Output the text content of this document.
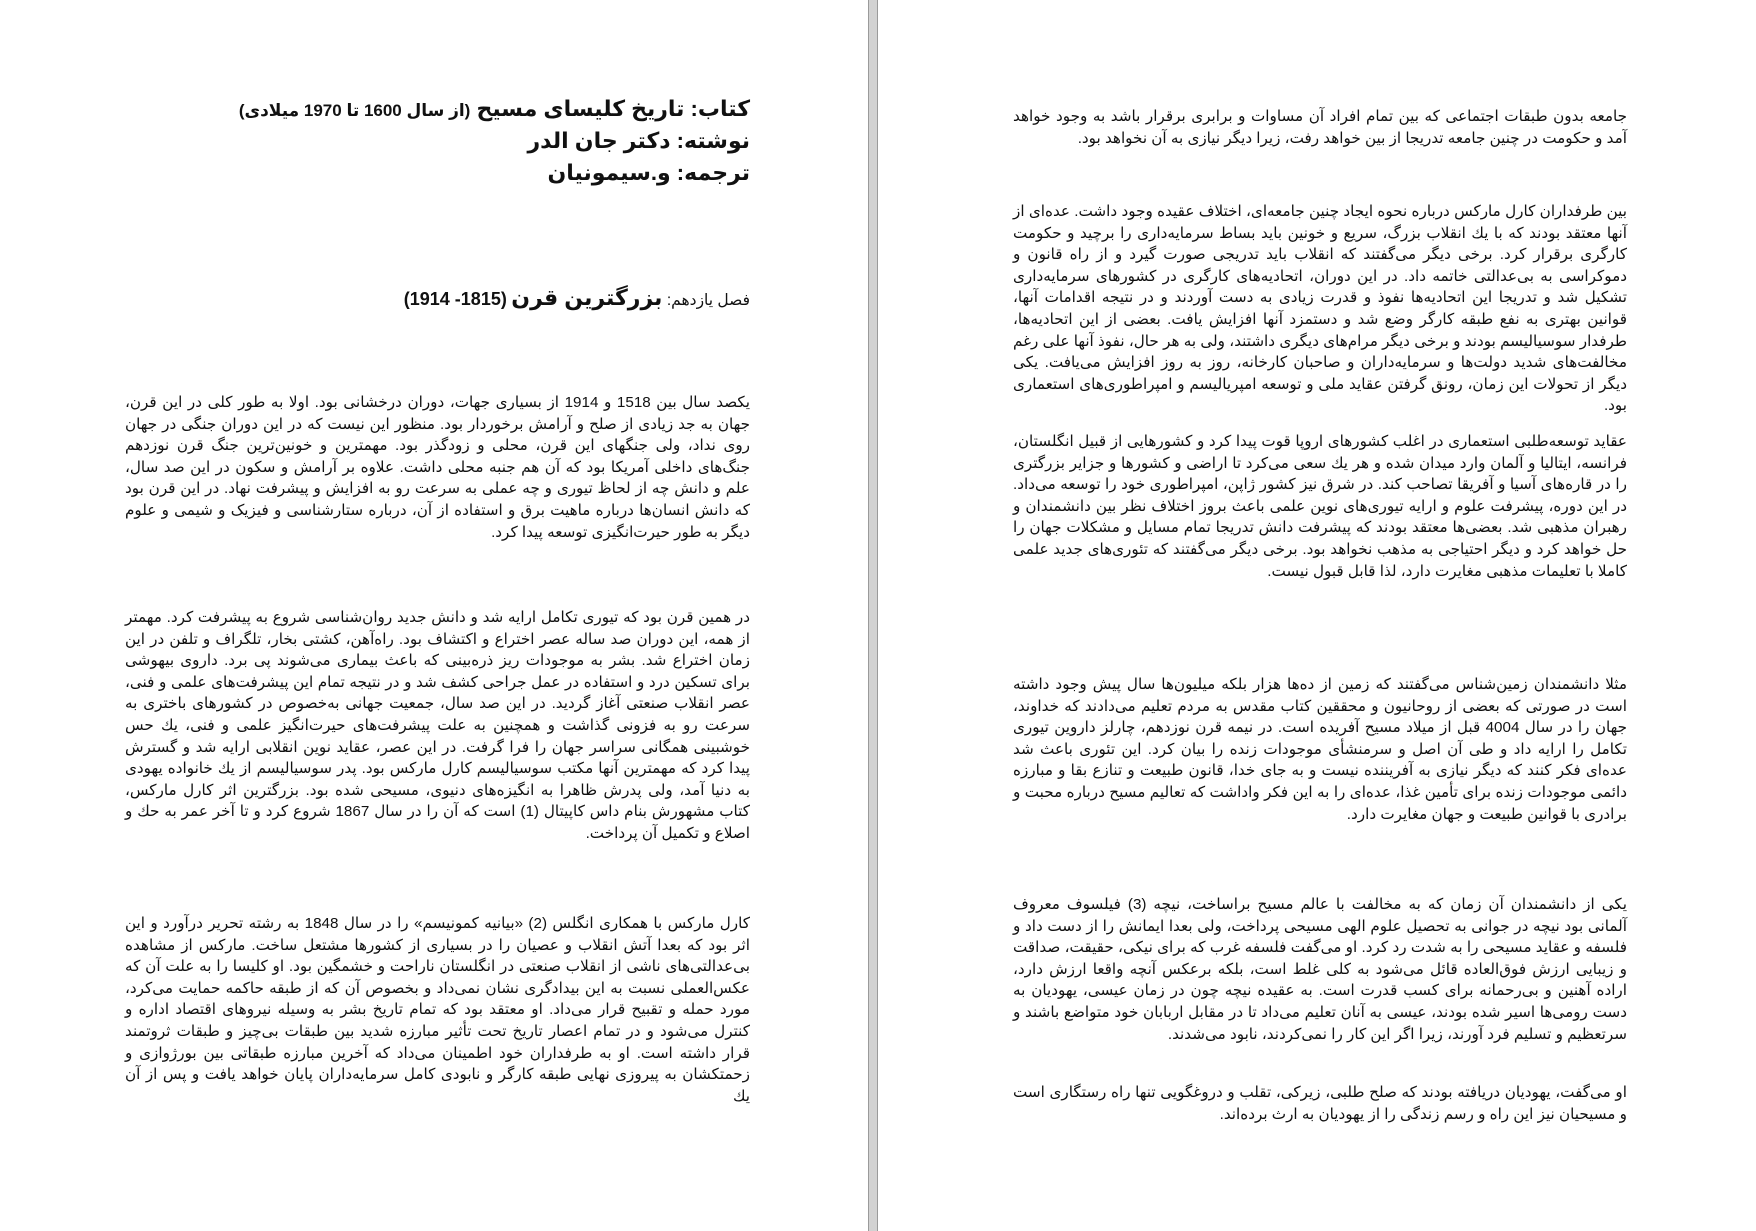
کتاب: تاریخ کلیسای مسیح (از سال 1600 تا 1970 میلادی)

نوشته: دکتر جان الدر

ترجمه: و.سیمونیان

فصل یازدهم: بزرگترین قرن (1815- 1914)

یکصد سال بین 1518 و 1914 از بسیاری جهات، دوران درخشانی بود. اولا به طور کلی در این قرن، جهان به جد زیادی از صلح و آرامش برخوردار بود. منظور این نیست که در این دوران جنگی در جهان روی نداد، ولی جنگهای این قرن، محلی و زودگذر بود. مهمترین و خونین‌ترین جنگ قرن نوزدهم جنگ‌های داخلی آمریکا بود که آن هم جنبه محلی داشت. علاوه بر آرامش و سکون در این صد سال، علم و دانش چه از لحاظ تیوری و چه عملی به سرعت رو به افزایش و پیشرفت نهاد. در این قرن بود که دانش انسان‌ها درباره ماهیت برق و استفاده از آن، درباره ستارشناسی و فیزیک و شیمی و علوم دیگر به طور حیرت‌انگیزی توسعه پیدا کرد.

در همین قرن بود که تیوری تکامل ارایه شد و دانش جدید روان‌شناسی شروع به پیشرفت کرد. مهمتر از همه، این دوران صد ساله عصر اختراع و اکتشاف بود. راه‌آهن، کشتی بخار، تلگراف و تلفن در این زمان اختراع شد. بشر به موجودات ریز ذره‌بینی که باعث بیماری می‌شوند پی برد. داروی بیهوشی برای تسکین درد و استفاده در عمل جراحی کشف شد و در نتیجه تمام این پیشرفت‌های علمی و فنی، عصر انقلاب صنعتی آغاز گردید. در این صد سال، جمعیت جهانی به‌خصوص در کشورهای باختری به سرعت رو به فزونی گذاشت و همچنین به علت پیشرفت‌های حیرت‌انگیز علمی و فنی، یك حس خوشبینی همگانی سراسر جهان را فرا گرفت. در این عصر، عقاید نوین انقلابی ارایه شد و گسترش پیدا کرد که مهمترین آنها مکتب سوسیالیسم کارل مارکس بود. پدر سوسیالیسم از یك خانواده یهودی به دنیا آمد، ولی پدرش ظاهرا به انگیزه‌های دنیوی، مسیحی شده بود. بزرگترین اثر کارل مارکس، کتاب مشهورش بنام داس کاپیتال (1) است که آن را در سال 1867 شروع کرد و تا آخر عمر به حك و اصلاع و تکمیل آن پرداخت.

کارل مارکس با همکاری انگلس (2) «بیانیه کمونیسم» را در سال 1848 به رشته تحریر درآورد و این اثر بود که بعدا آتش انقلاب و عصیان را در بسیاری از کشورها مشتعل ساخت. مارکس از مشاهده بی‌عدالتی‌های ناشی از انقلاب صنعتی در انگلستان ناراحت و خشمگین بود. او کلیسا را به علت آن که عکس‌العملی نسبت به این بیدادگری نشان نمی‌داد و بخصوص آن که از طبقه حاکمه حمایت می‌کرد، مورد حمله و تقبیح قرار می‌داد. او معتقد بود که تمام تاریخ بشر به وسیله نیروهای اقتصاد اداره و کنترل می‌شود و در تمام اعصار تاریخ تحت تأثیر مبارزه شدید بین طبقات بی‌چیز و طبقات ثروتمند قرار داشته است. او به طرفداران خود اطمینان می‌داد که آخرین مبارزه طبقاتی بین بورژوازی و زحمتکشان به پیروزی نهایی طبقه کارگر و نابودی کامل سرمایه‌داران پایان خواهد یافت و پس از آن یك

جامعه بدون طبقات اجتماعی که بین تمام افراد آن مساوات و برابری برقرار باشد به وجود خواهد آمد و حکومت در چنین جامعه تدریجا از بین خواهد رفت، زیرا دیگر نیازی به آن نخواهد بود.

بین طرفداران کارل مارکس درباره نحوه ایجاد چنین جامعه‌ای، اختلاف عقیده وجود داشت. عده‌ای از آنها معتقد بودند که با یك انقلاب بزرگ، سریع و خونین باید بساط سرمایه‌داری را برچید و حکومت کارگری برقرار کرد. برخی دیگر می‌گفتند که انقلاب باید تدریجی صورت گیرد و از راه قانون و دموکراسی به بی‌عدالتی خاتمه داد. در این دوران، اتحادیه‌های کارگری در کشورهای سرمایه‌داری تشکیل شد و تدریجا این اتحادیه‌ها نفوذ و قدرت زیادی به دست آوردند و در نتیجه اقدامات آنها، قوانین بهتری به نفع طبقه کارگر وضع شد و دستمزد آنها افزایش یافت. بعضی از این اتحادیه‌ها، طرفدار سوسیالیسم بودند و برخی دیگر مرام‌های دیگری داشتند، ولی به هر حال، نفوذ آنها علی رغم مخالفت‌های شدید دولت‌ها و سرمایه‌داران و صاحبان کارخانه، روز به روز افزایش می‌یافت. یکی دیگر از تحولات این زمان، رونق گرفتن عقاید ملی و توسعه امپریالیسم و امپراطوری‌های استعماری بود.

عقاید توسعه‌طلبی استعماری در اغلب کشورهای اروپا قوت پیدا کرد و کشورهایی از قبیل انگلستان، فرانسه، ایتالیا و آلمان وارد میدان شده و هر یك سعی می‌کرد تا اراضی و کشورها و جزایر بزرگتری را در قاره‌های آسیا و آفریقا تصاحب کند. در شرق نیز کشور ژاپن، امپراطوری خود را توسعه می‌داد. در این دوره، پیشرفت علوم و ارایه تیوری‌های نوین علمی باعث بروز اختلاف نظر بین دانشمندان و رهبران مذهبی شد. بعضی‌ها معتقد بودند که پیشرفت دانش تدریجا تمام مسایل و مشکلات جهان را حل خواهد کرد و دیگر احتیاجی به مذهب نخواهد بود. برخی دیگر می‌گفتند که تئوری‌های جدید علمی کاملا با تعلیمات مذهبی مغایرت دارد، لذا قابل قبول نیست.

مثلا دانشمندان زمین‌شناس می‌گفتند که زمین از ده‌ها هزار بلکه میلیون‌ها سال پیش وجود داشته است در صورتی که بعضی از روحانیون و محققین کتاب مقدس به مردم تعلیم می‌دادند که خداوند، جهان را در سال 4004 قبل از میلاد مسیح آفریده است. در نیمه قرن نوزدهم، چارلز داروین تیوری تکامل را ارایه داد و طی آن اصل و سرمنشأی موجودات زنده را بیان کرد. این تئوری باعث شد عده‌ای فکر کنند که دیگر نیازی به آفریننده نیست و به جای خدا، قانون طبیعت و تنازع بقا و مبارزه دائمی موجودات زنده برای تأمین غذا، عده‌ای را به این فکر واداشت که تعالیم مسیح درباره محبت و برادری با قوانین طبیعت و جهان مغایرت دارد.

یکی از دانشمندان آن زمان که به مخالفت با عالم مسیح براساخت، نیچه (3) فیلسوف معروف آلمانی بود نیچه در جوانی به تحصیل علوم الهی مسیحی پرداخت، ولی بعدا ایمانش را از دست داد و فلسفه و عقاید مسیحی را به شدت رد کرد. او می‌گفت فلسفه غرب که برای نیکی، حقیقت، صداقت و زیبایی ارزش فوق‌العاده قائل می‌شود به کلی غلط است، بلکه برعکس آنچه واقعا ارزش دارد، اراده آهنین و بی‌رحمانه برای کسب قدرت است. به عقیده نیچه چون در زمان عیسی، یهودیان به دست رومی‌ها اسیر شده بودند، عیسی به آنان تعلیم می‌داد تا در مقابل اربابان خود متواضع باشند و سرتعظیم و تسلیم فرد آورند، زیرا اگر این کار را نمی‌کردند، نابود می‌شدند.

او می‌گفت، یهودیان دریافته بودند که صلح طلبی، زیرکی، تقلب و دروغگویی تنها راه رستگاری است و مسیحیان نیز این راه و رسم زندگی را از یهودیان به ارث برده‌اند.
